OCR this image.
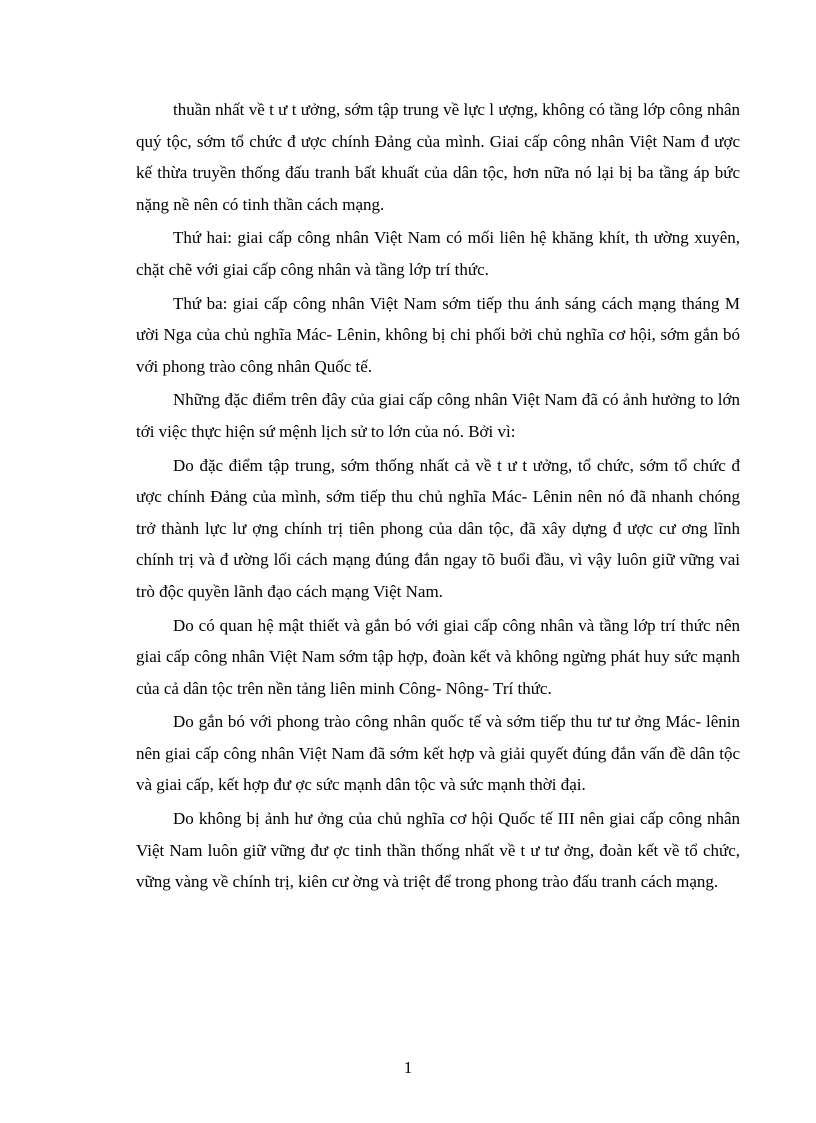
thuần nhất về t ư t ưởng, sớm tập trung về lực l ượng, không có tầng lớp công nhân quý tộc, sớm tổ chức đ ược chính Đảng của mình. Giai cấp công nhân Việt Nam đ ược kế thừa truyền thống đấu tranh bất khuất của dân tộc, hơn nữa nó lại bị ba tầng áp bức nặng nề nên có tinh thần cách mạng.

Thứ hai: giai cấp công nhân Việt Nam có mối liên hệ khăng khít, th ường xuyên, chặt chẽ với giai cấp công nhân và tầng lớp trí thức.

Thứ ba: giai cấp công nhân Việt Nam sớm tiếp thu ánh sáng cách mạng tháng M ười Nga của chủ nghĩa Mác- Lênin, không bị chi phối bởi chủ nghĩa cơ hội, sớm gắn bó với phong trào công nhân Quốc tế.

Những đặc điểm trên đây của giai cấp công nhân Việt Nam đã có ảnh hưởng to lớn tới việc thực hiện sứ mệnh lịch sử to lớn của nó. Bởi vì:

Do đặc điểm tập trung, sớm thống nhất cả về t ư t ưởng, tổ chức, sớm tổ chức đ ược chính Đảng của mình, sớm tiếp thu chủ nghĩa Mác- Lênin nên nó đã nhanh chóng trở thành lực lư ợng chính trị tiên phong của dân tộc, đã xây dựng đ ược cư ơng lĩnh chính trị và đ ường lối cách mạng đúng đắn ngay tõ buổi đầu, vì vậy luôn giữ vững vai trò độc quyền lãnh đạo cách mạng Việt Nam.

Do có quan hệ mật thiết và gắn bó với giai cấp công nhân và tầng lớp trí thức nên giai cấp công nhân Việt Nam sớm tập hợp, đoàn kết và không ngừng phát huy sức mạnh của cả dân tộc trên nền tảng liên minh Công- Nông- Trí thức.

Do gắn bó với phong trào công nhân quốc tế và sớm tiếp thu tư tư ởng Mác- lênin nên giai cấp công nhân Việt Nam đã sớm kết hợp và giải quyết đúng đắn vấn đề dân tộc và giai cấp, kết hợp đư ợc sức mạnh dân tộc và sức mạnh thời đại.

Do không bị ảnh hư ởng của chủ nghĩa cơ hội Quốc tế III nên giai cấp công nhân Việt Nam luôn giữ vững đư ợc tinh thần thống nhất về t ư tư ởng, đoàn kết về tổ chức, vững vàng về chính trị, kiên cư ờng và triệt để trong phong trào đấu tranh cách mạng.

1
